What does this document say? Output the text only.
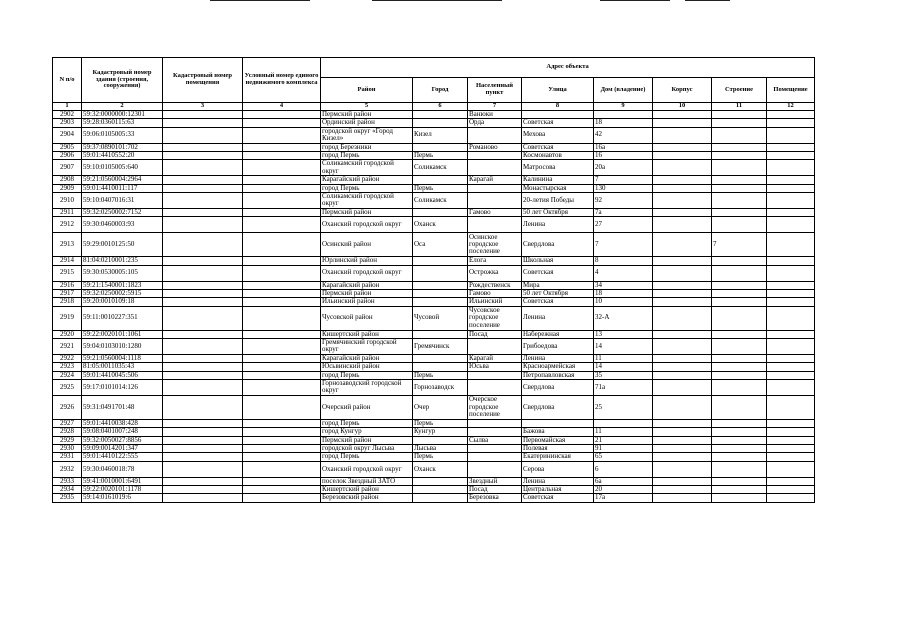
N п/о	Кадастровый номер здания (строения, сооружения)	Кадастровый номер помещения	Условный номер единого недвижимого комплекса	Адрес объекта							
				Район	Город	Населенный пункт	Улица	Дом (владение)	Корпус	Строение	Помещение
1	2	3	4	5	6	7	8	9	10	11	12
2902	59:32:0000000:12301			Пермский район		Ванюки					
2903	59:28:0360115:63			Ординский район		Орда	Советская	18			
2904	59:06:0105005:33			городской округ «Город Кизел»	Кизел		Мехова	42			
2905	59:37:0890101:702			город Березники		Романово	Советская	16а			
2906	59:01:4410552:20			город Пермь	Пермь		Космонавтов	16			
2907	59:10:0105005:640			Соликамский городской округ	Соликамск		Матросова	20а			
2908	59:21:0560004:2964			Карагайский район		Карагай	Калинина	7			
2909	59:01:4410011:117			город Пермь	Пермь		Монастырская	130			
2910	59:10:0407016:31			Соликамский городской округ	Соликамск		20-летия Победы	92			
2911	59:32:0250002:7152			Пермский район		Гамово	50 лет Октября	7а			
2912	59:30:0460003:93			Оханский городской округ	Оханск		Ленина	27			
2913	59:29:0010125:50			Осинский район	Оса	Осинское городское поселение	Свердлова	7		7	
2914	81:04:0210001:235			Юрлинский район		Елога	Школьная	8			
2915	59:30:0530005:105			Оханский городской округ		Острожка	Советская	4			
2916	59:21:1540001:1823			Карагайский район		Рождественск	Мира	34			
2917	59:32:0250002:5915			Пермский район		Гамово	50 лет Октября	18			
2918	59:20:0010109:18			Ильинский район		Ильинский	Советская	10			
2919	59:11:0010227:351			Чусовской район	Чусовой	Чусовское городское поселение	Ленина	32-А			
2920	59:22:0020101:1061			Кишертский район		Посад	Набережная	13			
2921	59:04:0103010:1280			Гремячинский городской округ	Гремячинск		Грибоедова	14			
2922	59:21:0560004:1118			Карагайский район		Карагай	Ленина	11			
2923	81:05:0011035:43			Юсьвинский район		Юсьва	Красноармейская	14			
2924	59:01:4410045:506			город Пермь	Пермь		Петропавловская	35			
2925	59:17:0101014:126			Горнозаводский городской округ	Горнозаводск		Свердлова	71а			
2926	59:31:0491701:48			Очерский район	Очер	Очерское городское поселение	Свердлова	25			
2927	59:01:4410038:428			город Пермь	Пермь						
2928	59:08:0401007:248			город Кунгур	Кунгур		Бажова	11			
2929	59:32:0050027:8856			Пермский район		Сылва	Первомайская	21			
2930	59:09:0014201:347			городской округ Лысьва	Лысьва		Полевая	91			
2931	59:01:4410122:555			город Пермь	Пермь		Екатерининская	65			
2932	59:30:0460018:78			Оханский городской округ	Оханск		Серова	6			
2933	59:41:0010001:6491			поселок Звездный ЗАТО		Звездный	Ленина	6а			
2934	59:22:0020101:1178			Кишертский район		Посад	Центральная	20			
2935	59:14:0161019:6			Березовский район		Березовка	Советская	17а			
